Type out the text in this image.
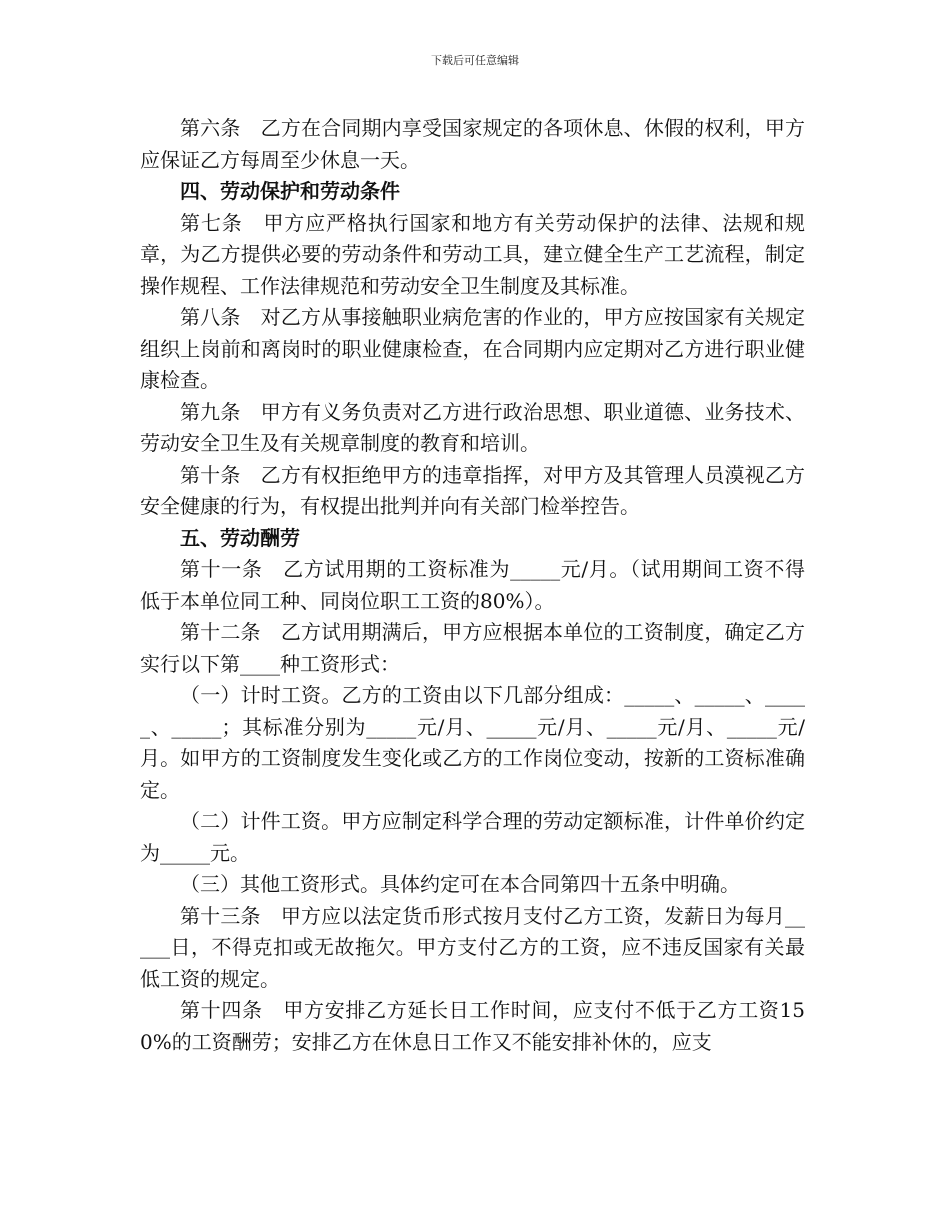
下载后可任意编辑

第六条　乙方在合同期内享受国家规定的各项休息、休假的权利，甲方应保证乙方每周至少休息一天。

四、劳动保护和劳动条件

第七条　甲方应严格执行国家和地方有关劳动保护的法律、法规和规章，为乙方提供必要的劳动条件和劳动工具，建立健全生产工艺流程，制定操作规程、工作法律规范和劳动安全卫生制度及其标准。

第八条　对乙方从事接触职业病危害的作业的，甲方应按国家有关规定组织上岗前和离岗时的职业健康检查，在合同期内应定期对乙方进行职业健康检查。

第九条　甲方有义务负责对乙方进行政治思想、职业道德、业务技术、劳动安全卫生及有关规章制度的教育和培训。

第十条　乙方有权拒绝甲方的违章指挥，对甲方及其管理人员漠视乙方安全健康的行为，有权提出批判并向有关部门检举控告。

五、劳动酬劳

第十一条　乙方试用期的工资标准为_____元/月。（试用期间工资不得低于本单位同工种、同岗位职工工资的80%）。

第十二条　乙方试用期满后，甲方应根据本单位的工资制度，确定乙方实行以下第____种工资形式：

（一）计时工资。乙方的工资由以下几部分组成：_____、_____、_____、_____；其标准分别为_____元/月、_____元/月、_____元/月、_____元/月。如甲方的工资制度发生变化或乙方的工作岗位变动，按新的工资标准确定。

（二）计件工资。甲方应制定科学合理的劳动定额标准，计件单价约定为_____元。

（三）其他工资形式。具体约定可在本合同第四十五条中明确。

第十三条　甲方应以法定货币形式按月支付乙方工资，发薪日为每月_____日，不得克扣或无故拖欠。甲方支付乙方的工资，应不违反国家有关最低工资的规定。

第十四条　甲方安排乙方延长日工作时间，应支付不低于乙方工资150%的工资酬劳；安排乙方在休息日工作又不能安排补休的，应支
